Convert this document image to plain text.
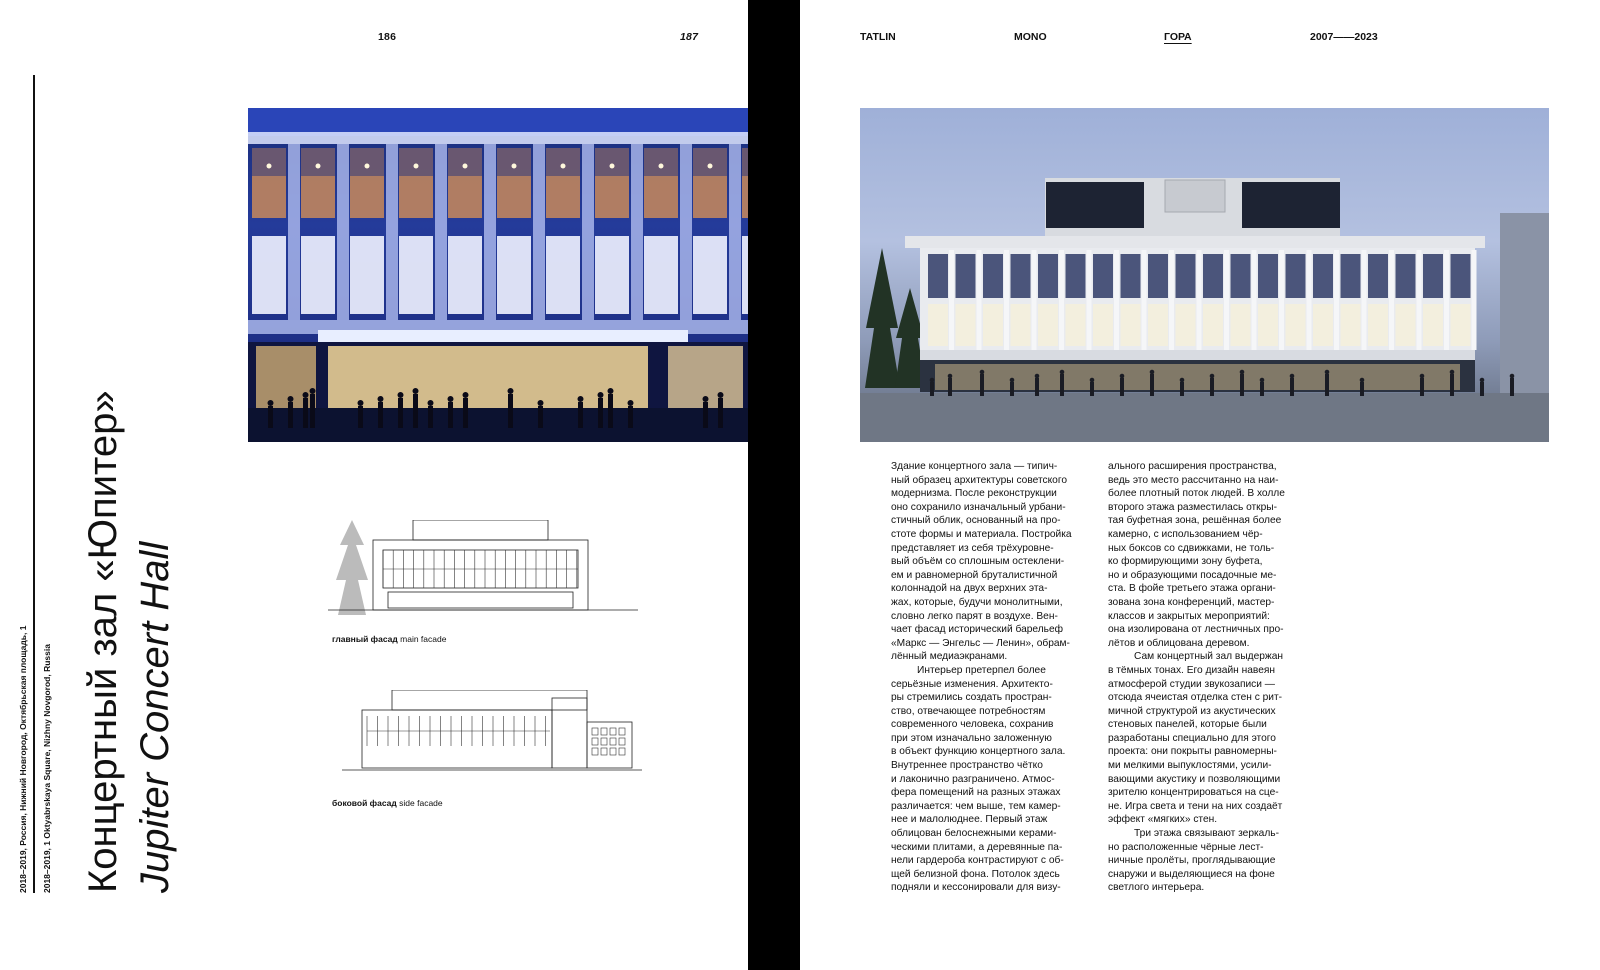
186	187
2018–2019, Россия, Нижний Новгород, Октябрьская площадь, 1 2018–2019, 1 Oktyabrskaya Square, Nizhny Novgorod, Russia Концертный зал «Юпитер» Jupiter Concert Hall	главный фасад main facade
боковой фасад side facade
TATLIN	MONO	ГОРА	2007——2023

Здание концертного зала — типич-
ный образец архитектуры советского
модернизма. После реконструкции
оно сохранило изначальный урбани-
стичный облик, основанный на про-
стоте формы и материала. Постройка
представляет из себя трёхуровне-
вый объём со сплошным остеклени-
ем и равномерной бруталистичной
колоннадой на двух верхних эта-
жах, которые, будучи монолитными,
словно легко парят в воздухе. Вен-
чает фасад исторический барельеф
«Маркс — Энгельс — Ленин», обрам-
лённый медиаэкранами.

Интерьер претерпел более
серьёзные изменения. Архитекто-
ры стремились создать простран-
ство, отвечающее потребностям
современного человека, сохранив
при этом изначально заложенную
в объект функцию концертного зала.
Внутреннее пространство чётко
и лаконично разграничено. Атмос-
фера помещений на разных этажах
различается: чем выше, тем камер-
нее и малолюднее. Первый этаж
облицован белоснежными керами-
ческими плитами, а деревянные па-
нели гардероба контрастируют с об-
щей белизной фона. Потолок здесь
подняли и кессонировали для визу-

ального расширения пространства,
ведь это место рассчитанно на наи-
более плотный поток людей. В холле
второго этажа разместилась откры-
тая буфетная зона, решённая более
камерно, с использованием чёр-
ных боксов со сдвижками, не толь-
ко формирующими зону буфета,
но и образующими посадочные ме-
ста. В фойе третьего этажа органи-
зована зона конференций, мастер-
классов и закрытых мероприятий:
она изолирована от лестничных про-
лётов и облицована деревом.

Сам концертный зал выдержан
в тёмных тонах. Его дизайн навеян
атмосферой студии звукозаписи —
отсюда ячеистая отделка стен с рит-
мичной структурой из акустических
стеновых панелей, которые были
разработаны специально для этого
проекта: они покрыты равномерны-
ми мелкими выпуклостями, усили-
вающими акустику и позволяющими
зрителю концентрироваться на сце-
не. Игра света и тени на них создаёт
эффект «мягких» стен.

Три этажа связывают зеркаль-
но расположенные чёрные лест-
ничные пролёты, проглядывающие
снаружи и выделяющиеся на фоне
светлого интерьера.
